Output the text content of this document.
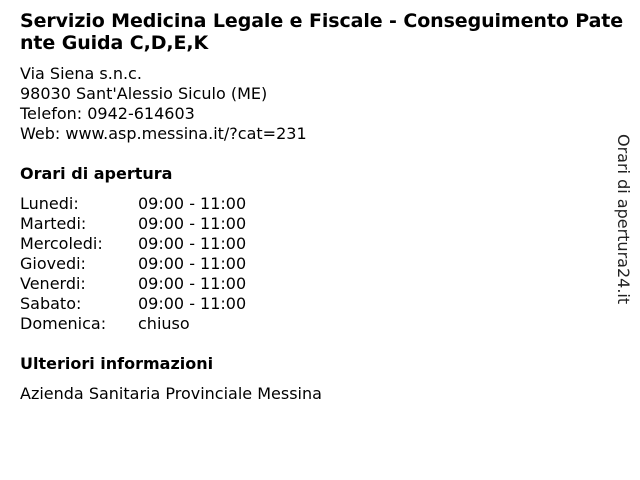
Servizio Medicina Legale e Fiscale - Conseguimento Patente Guida C,D,E,K
Via Siena s.n.c.
98030 Sant'Alessio Siculo (ME)
Telefon: 0942-614603
Web: www.asp.messina.it/?cat=231
Orari di apertura
Lunedi:	09:00 - 11:00
Martedi:	09:00 - 11:00
Mercoledi:	09:00 - 11:00
Giovedi:	09:00 - 11:00
Venerdi:	09:00 - 11:00
Sabato:	09:00 - 11:00
Domenica:	chiuso
Ulteriori informazioni
Azienda Sanitaria Provinciale Messina
Orari di apertura24.it
